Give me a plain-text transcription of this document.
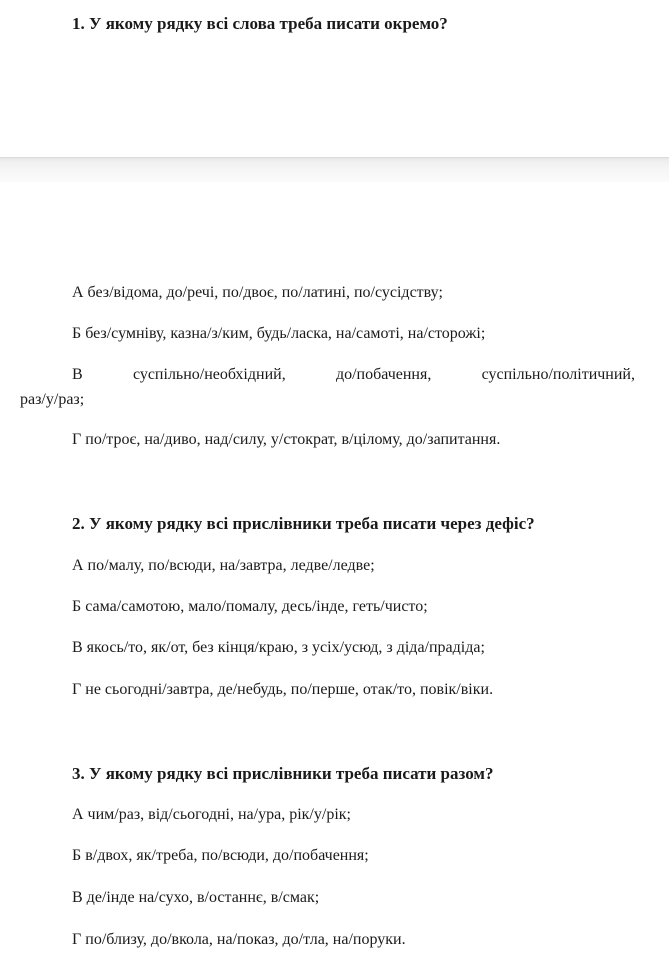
1. У якому рядку всі слова треба писати окремо?

А без/відома, до/речі, по/двоє, по/латині, по/сусідству;

Б без/сумніву, казна/з/ким, будь/ласка, на/самоті, на/сторожі;

В	суспільно/необхідний,	до/побачення,	суспільно/політичний,
раз/у/раз;

Г по/троє, на/диво, над/силу, у/стократ, в/цілому, до/запитання.

2. У якому рядку всі прислівники треба писати через дефіс?

А по/малу, по/всюди, на/завтра, ледве/ледве;

Б сама/самотою, мало/помалу, десь/інде, геть/чисто;

В якось/то, як/от, без кінця/краю, з усіх/усюд, з діда/прадіда;

Г не сьогодні/завтра, де/небудь, по/перше, отак/то, повік/віки.

3. У якому рядку всі прислівники треба писати разом?

А чим/раз, від/сьогодні, на/ура, рік/у/рік;

Б в/двох, як/треба, по/всюди, до/побачення;

В де/інде на/сухо, в/останнє, в/смак;

Г по/близу, до/вкола, на/показ, до/тла, на/поруки.
